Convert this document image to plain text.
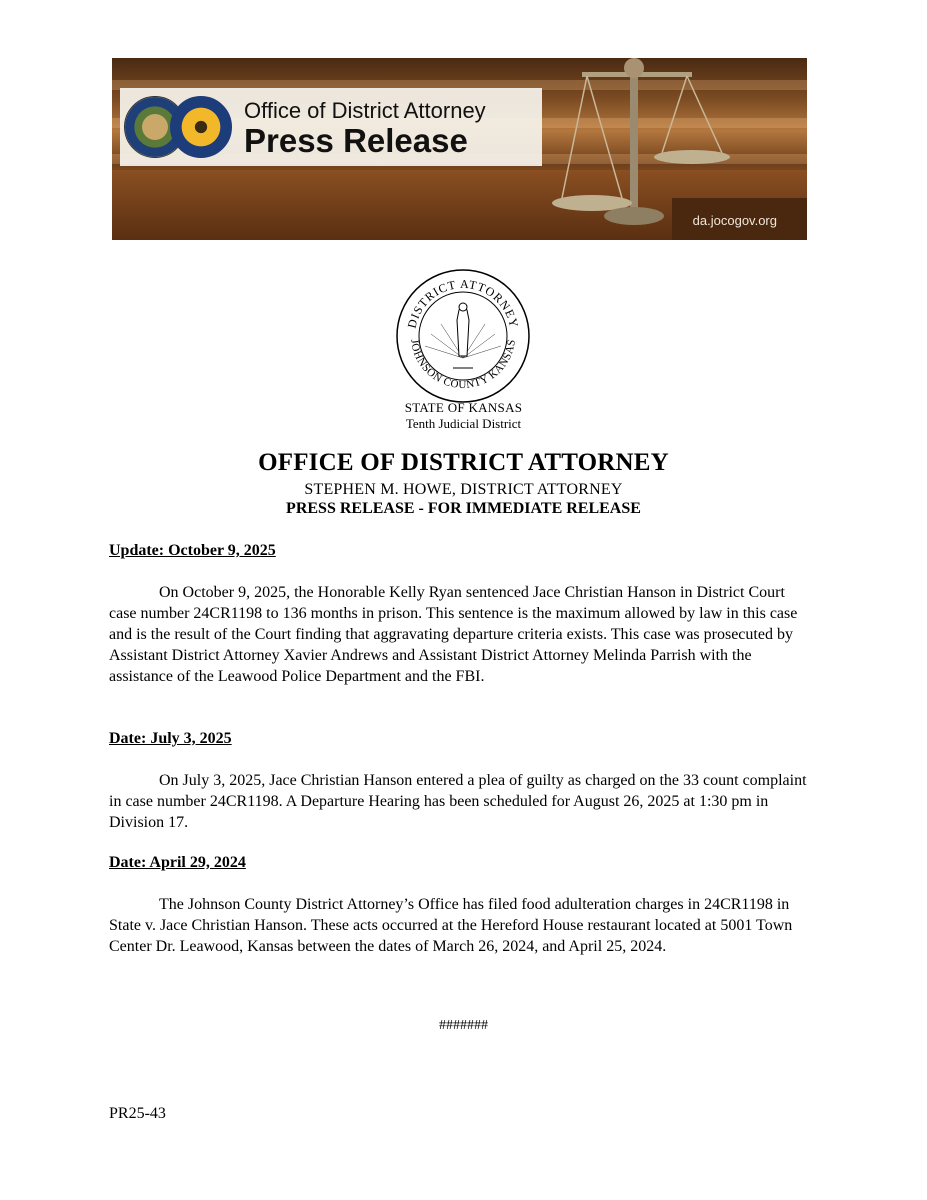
Office of District Attorney
Press Release
da.jocogov.org
DISTRICT ATTORNEY
JOHNSON COUNTY KANSAS
STATE OF KANSAS
Tenth Judicial District
OFFICE OF DISTRICT ATTORNEY
STEPHEN M. HOWE, DISTRICT ATTORNEY
PRESS RELEASE - FOR IMMEDIATE RELEASE
Update: October 9, 2025

On October 9, 2025, the Honorable Kelly Ryan sentenced Jace Christian Hanson in District Court case number 24CR1198 to 136 months in prison. This sentence is the maximum allowed by law in this case and is the result of the Court finding that aggravating departure criteria exists. This case was prosecuted by Assistant District Attorney Xavier Andrews and Assistant District Attorney Melinda Parrish with the assistance of the Leawood Police Department and the FBI.

Date: July 3, 2025

On July 3, 2025, Jace Christian Hanson entered a plea of guilty as charged on the 33 count complaint in case number 24CR1198. A Departure Hearing has been scheduled for August 26, 2025 at 1:30 pm in Division 17.

Date: April 29, 2024

The Johnson County District Attorney’s Office has filed food adulteration charges in 24CR1198 in State v. Jace Christian Hanson. These acts occurred at the Hereford House restaurant located at 5001 Town Center Dr. Leawood, Kansas between the dates of March 26, 2024, and April 25, 2024.

#######
PR25-43
